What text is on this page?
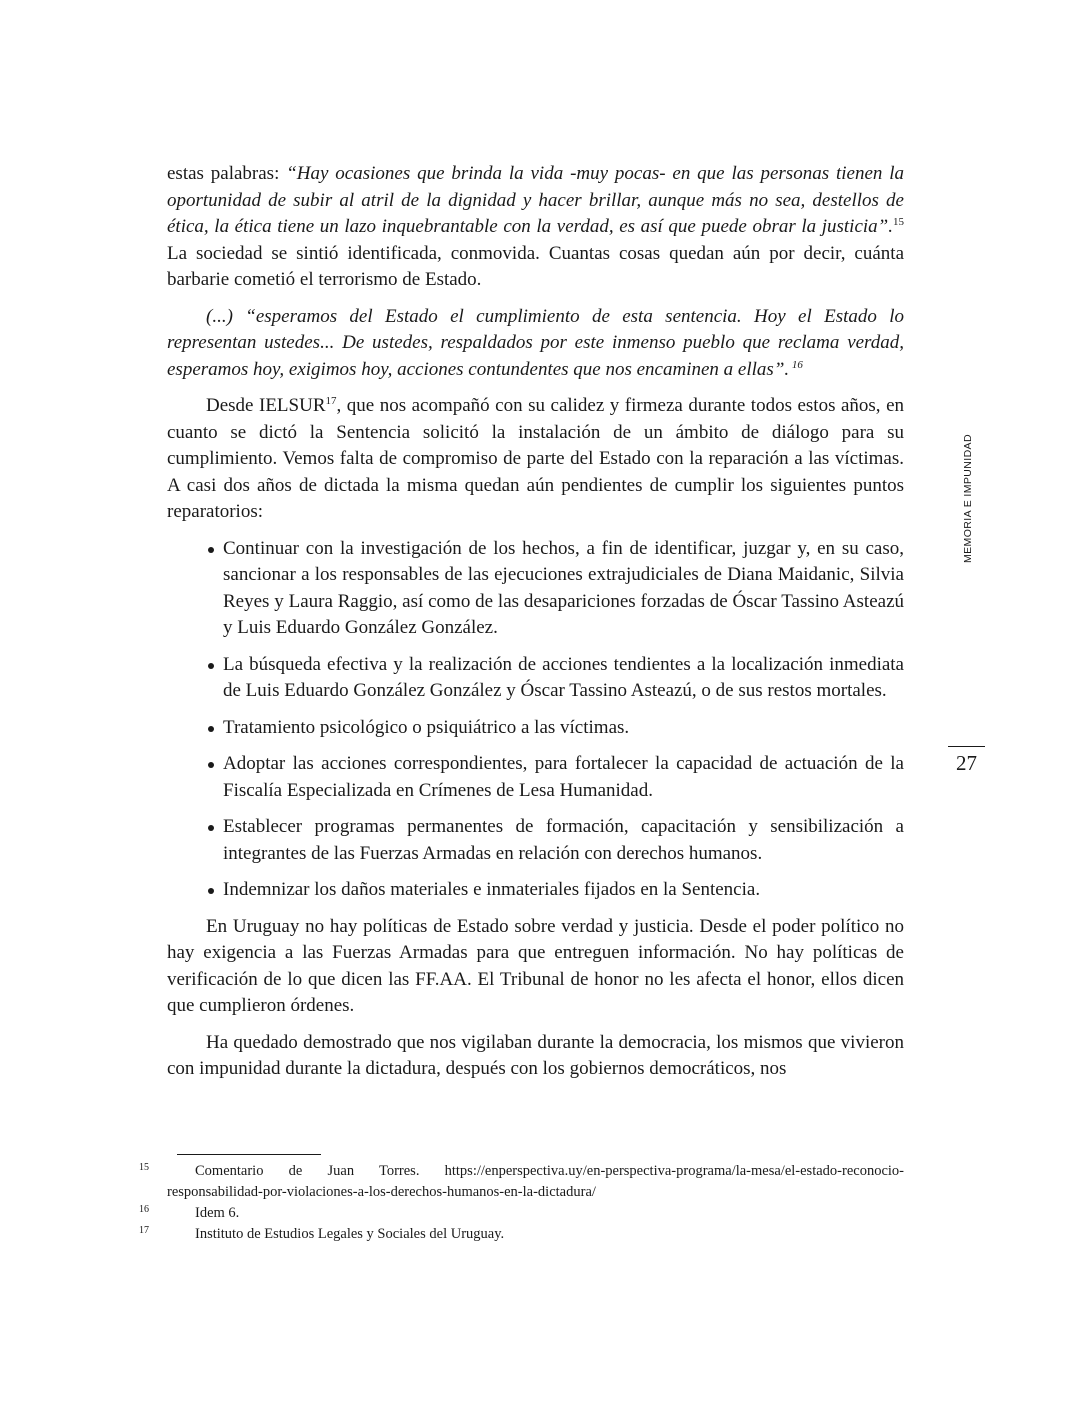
estas palabras: “Hay ocasiones que brinda la vida -muy pocas- en que las personas tienen la oportunidad de subir al atril de la dignidad y hacer brillar, aunque más no sea, destellos de ética, la ética tiene un lazo inquebrantable con la verdad, es así que puede obrar la justicia”.$^{15}$ La sociedad se sintió identificada, conmovida. Cuantas cosas quedan aún por decir, cuánta barbarie cometió el terrorismo de Estado.

(...) “esperamos del Estado el cumplimiento de esta sentencia. Hoy el Estado lo representan ustedes... De ustedes, respaldados por este inmenso pueblo que reclama verdad, esperamos hoy, exigimos hoy, acciones contundentes que nos encaminen a ellas”. $^{16}$

Desde IELSUR$^{17}$, que nos acompañó con su calidez y firmeza durante todos estos años, en cuanto se dictó la Sentencia solicitó la instalación de un ámbito de diálogo para su cumplimiento. Vemos falta de compromiso de parte del Estado con la reparación a las víctimas. A casi dos años de dictada la misma quedan aún pendientes de cumplir los siguientes puntos reparatorios:

Continuar con la investigación de los hechos, a fin de identificar, juzgar y, en su caso, sancionar a los responsables de las ejecuciones extrajudiciales de Diana Maidanic, Silvia Reyes y Laura Raggio, así como de las desapariciones forzadas de Óscar Tassino Asteazú y Luis Eduardo González González.
La búsqueda efectiva y la realización de acciones tendientes a la localización inmediata de Luis Eduardo González González y Óscar Tassino Asteazú, o de sus restos mortales.
Tratamiento psicológico o psiquiátrico a las víctimas.
Adoptar las acciones correspondientes, para fortalecer la capacidad de actuación de la Fiscalía Especializada en Crímenes de Lesa Humanidad.
Establecer programas permanentes de formación, capacitación y sensibilización a integrantes de las Fuerzas Armadas en relación con derechos humanos.
Indemnizar los daños materiales e inmateriales fijados en la Sentencia.

En Uruguay no hay políticas de Estado sobre verdad y justicia. Desde el poder político no hay exigencia a las Fuerzas Armadas para que entreguen información. No hay políticas de verificación de lo que dicen las FF.AA. El Tribunal de honor no les afecta el honor, ellos dicen que cumplieron órdenes.

Ha quedado demostrado que nos vigilaban durante la democracia, los mismos que vivieron con impunidad durante la dictadura, después con los gobiernos democráticos, nos

15	Comentario de Juan Torres. https://enperspectiva.uy/en-perspectiva-programa/la-mesa/el-estado-reconocio-responsabilidad-por-violaciones-a-los-derechos-humanos-en-la-dictadura/

16	Idem 6.

17	Instituto de Estudios Legales y Sociales del Uruguay.

MEMORIA E IMPUNIDAD
27
